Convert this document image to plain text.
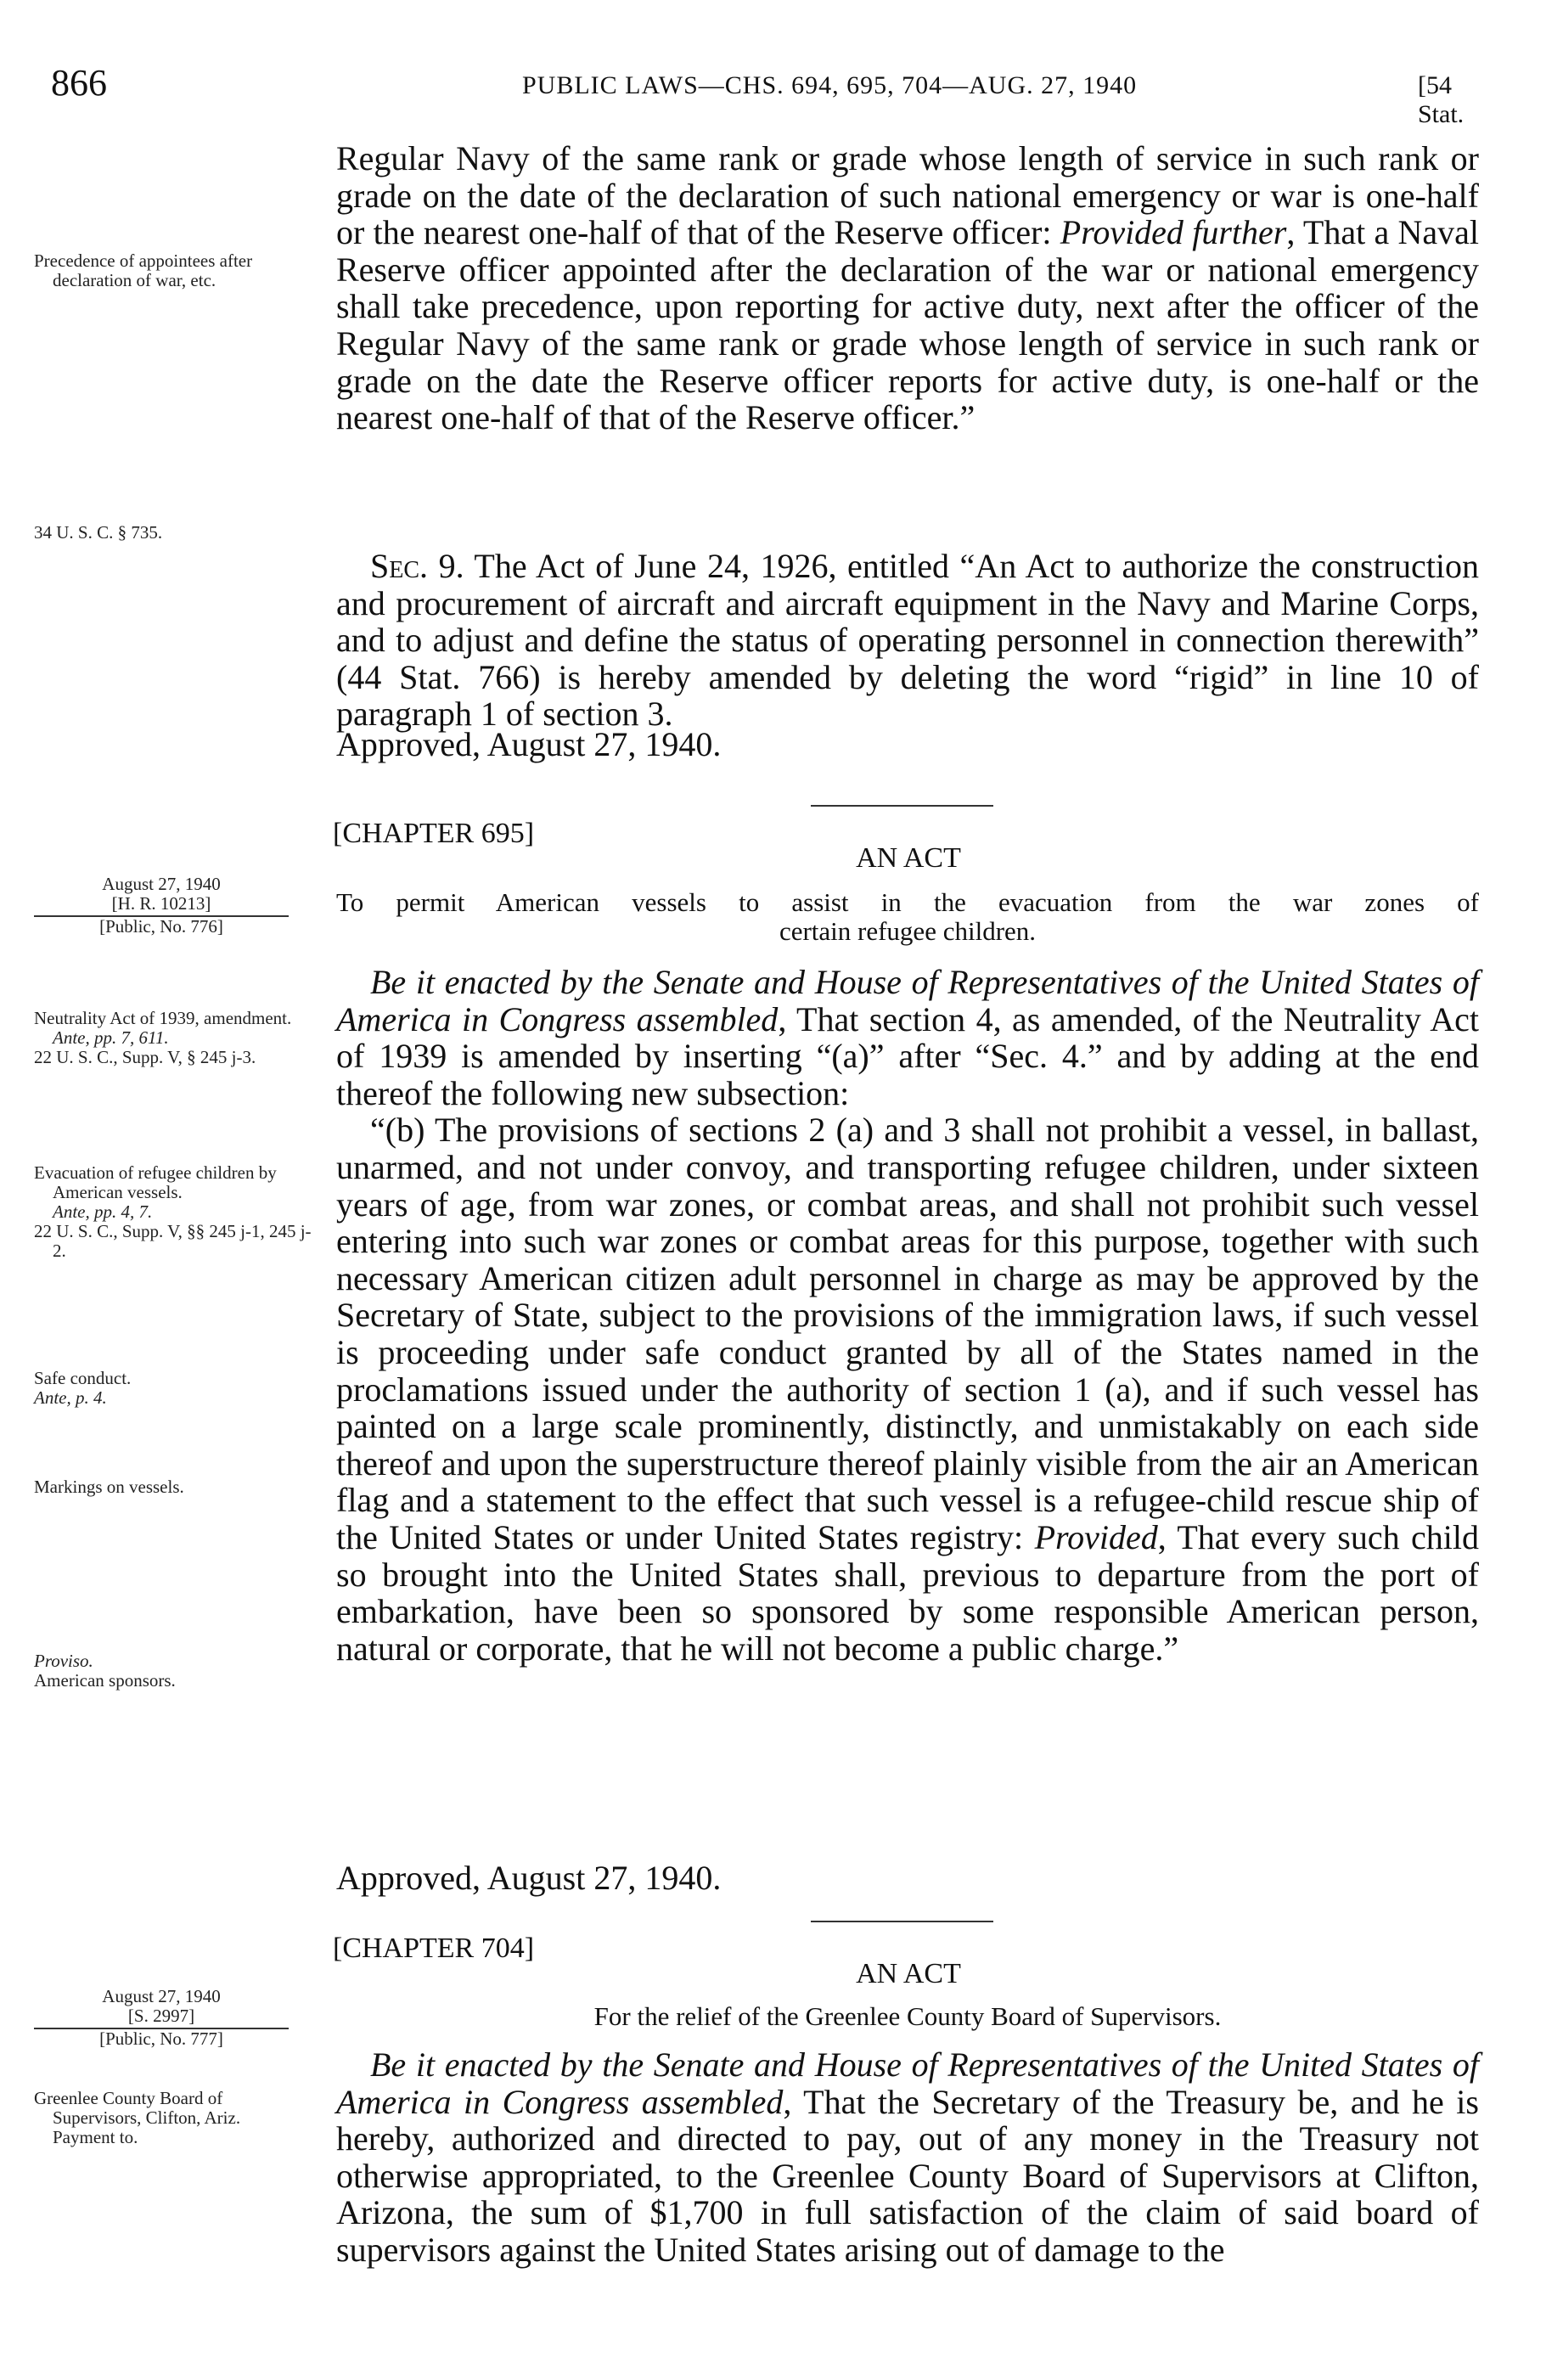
866	PUBLIC LAWS—CHS. 694, 695, 704—AUG. 27, 1940	[54 Stat.

Precedence of appointees after declaration of war, etc.

34 U. S. C. § 735.

August 27, 1940

[H. R. 10213]

[Public, No. 776]

Neutrality Act of 1939, amendment.

Ante, pp. 7, 611.

22 U. S. C., Supp. V, § 245 j-3.

Evacuation of refugee children by American vessels.

Ante, pp. 4, 7.

22 U. S. C., Supp. V, §§ 245 j-1, 245 j-2.

Safe conduct.

Ante, p. 4.

Markings on vessels.

Proviso.

American sponsors.

August 27, 1940

[S. 2997]

[Public, No. 777]

Greenlee County Board of Supervisors, Clifton, Ariz.

Payment to.

Regular Navy of the same rank or grade whose length of service in such rank or grade on the date of the declaration of such national emergency or war is one-half or the nearest one-half of that of the Reserve officer: Provided further, That a Naval Reserve officer appointed after the declaration of the war or national emergency shall take precedence, upon reporting for active duty, next after the officer of the Regular Navy of the same rank or grade whose length of service in such rank or grade on the date the Reserve officer reports for active duty, is one-half or the nearest one-half of that of the Reserve officer.”

Sec. 9. The Act of June 24, 1926, entitled “An Act to authorize the construction and procurement of aircraft and aircraft equipment in the Navy and Marine Corps, and to adjust and define the status of operating personnel in connection therewith” (44 Stat. 766) is hereby amended by deleting the word “rigid” in line 10 of paragraph 1 of section 3.

Approved, August 27, 1940.

[CHAPTER 695]
AN ACT
To permit American vessels to assist in the evacuation from the war zones of
certain refugee children.

Be it enacted by the Senate and House of Representatives of the United States of America in Congress assembled, That section 4, as amended, of the Neutrality Act of 1939 is amended by inserting “(a)” after “Sec. 4.” and by adding at the end thereof the following new subsection:

“(b) The provisions of sections 2 (a) and 3 shall not prohibit a vessel, in ballast, unarmed, and not under convoy, and transporting refugee children, under sixteen years of age, from war zones, or combat areas, and shall not prohibit such vessel entering into such war zones or combat areas for this purpose, together with such necessary American citizen adult personnel in charge as may be approved by the Secretary of State, subject to the provisions of the immigration laws, if such vessel is proceeding under safe conduct granted by all of the States named in the proclamations issued under the authority of section 1 (a), and if such vessel has painted on a large scale prominently, distinctly, and unmistakably on each side thereof and upon the superstructure thereof plainly visible from the air an American flag and a statement to the effect that such vessel is a refugee-child rescue ship of the United States or under United States registry: Provided, That every such child so brought into the United States shall, previous to departure from the port of embarkation, have been so sponsored by some responsible American person, natural or corporate, that he will not become a public charge.”

Approved, August 27, 1940.

[CHAPTER 704]
AN ACT
For the relief of the Greenlee County Board of Supervisors.

Be it enacted by the Senate and House of Representatives of the United States of America in Congress assembled, That the Secretary of the Treasury be, and he is hereby, authorized and directed to pay, out of any money in the Treasury not otherwise appropriated, to the Greenlee County Board of Supervisors at Clifton, Arizona, the sum of $1,700 in full satisfaction of the claim of said board of supervisors against the United States arising out of damage to the
